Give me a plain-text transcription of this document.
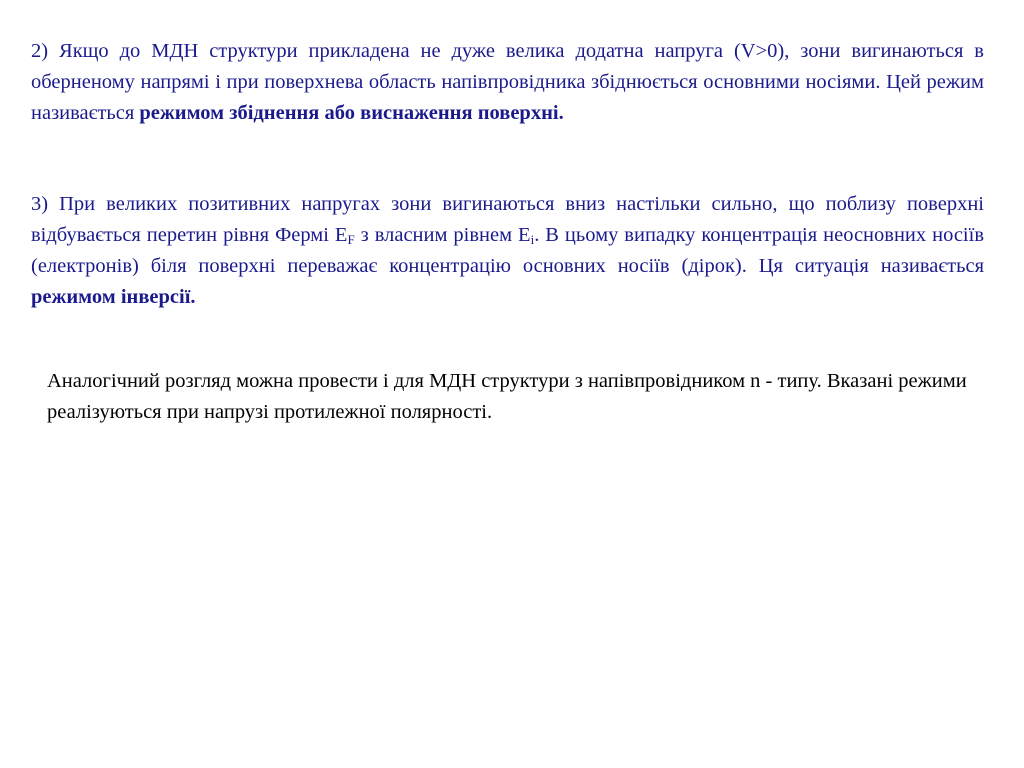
2) Якщо до МДН структури прикладена не дуже велика додатна напруга (V>0), зони вигинаються в оберненому напрямі і при поверхнева область напівпровідника збіднюється основними носіями. Цей режим називається режимом збіднення або виснаження поверхні.

3) При великих позитивних напругах зони вигинаються вниз настільки сильно, що поблизу поверхні відбувається перетин рівня Фермі $E_F$ з власним рівнем $E_i$. В цьому випадку концентрація неосновних носіїв (електронів) біля поверхні переважає концентрацію основних носіїв (дірок). Ця ситуація називається режимом інверсії.

Аналогічний розгляд можна провести і для МДН структури з напівпровідником n - типу. Вказані режими реалізуються при напрузі протилежної полярності.
